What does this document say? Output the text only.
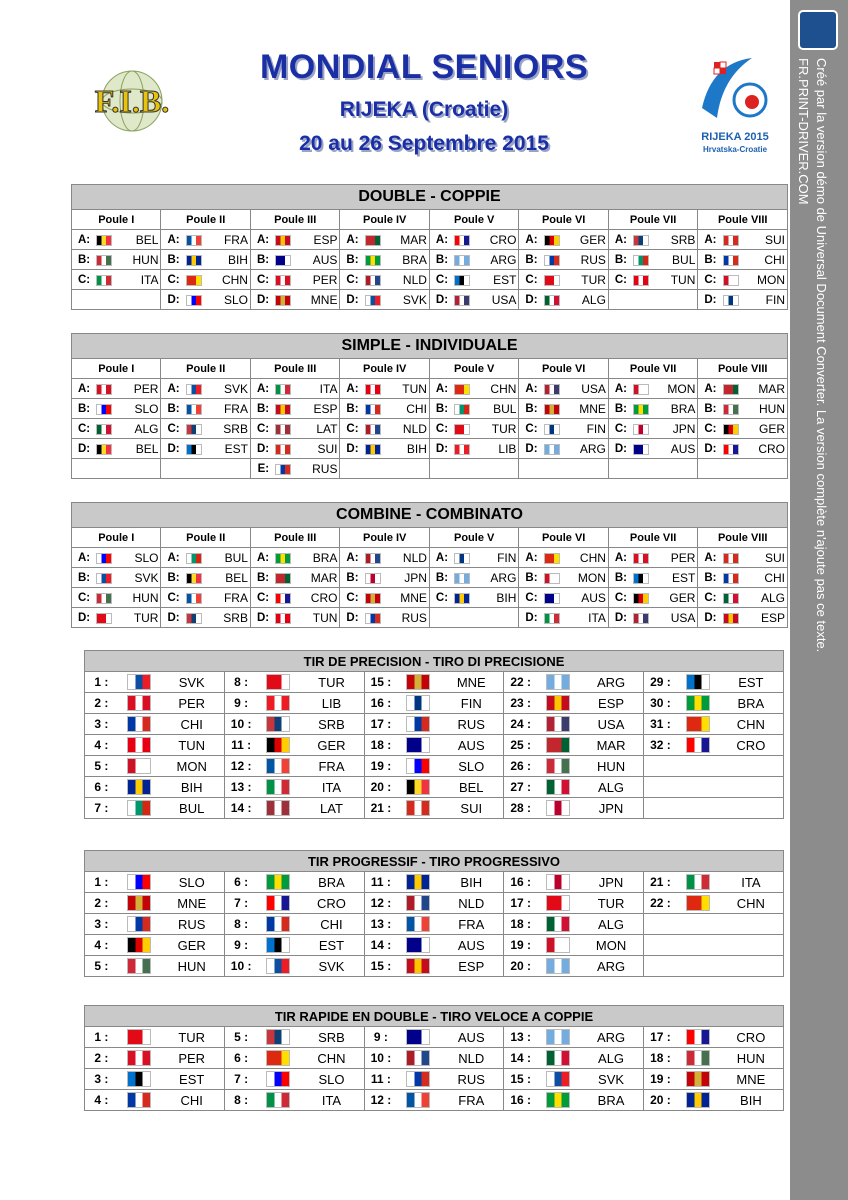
F.I.B.
MONDIAL SENIORS
RIJEKA (Croatie)
20 au 26 Septembre 2015	RIJEKA 2015
Hrvatska-Croatie	Créé par la version démo de Universal Document Converter. La version complète n'ajoute pas ce texte.
FR.PRINT-DRIVER.COM
DOUBLE - COPPIE																							
Poule I			Poule II			Poule III			Poule IV			Poule V			Poule VI			Poule VII			Poule VIII		
A:		BEL	A:		FRA	A:		ESP	A:		MAR	A:		CRO	A:		GER	A:		SRB	A:		SUI
B:		HUN	B:		BIH	B:		AUS	B:		BRA	B:		ARG	B:		RUS	B:		BUL	B:		CHI
C:		ITA	C:		CHN	C:		PER	C:		NLD	C:		EST	C:		TUR	C:		TUN	C:		MON
			D:		SLO	D:		MNE	D:		SVK	D:		USA	D:		ALG				D:		FIN
SIMPLE - INDIVIDUALE																							
Poule I			Poule II			Poule III			Poule IV			Poule V			Poule VI			Poule VII			Poule VIII		
A:		PER	A:		SVK	A:		ITA	A:		TUN	A:		CHN	A:		USA	A:		MON	A:		MAR
B:		SLO	B:		FRA	B:		ESP	B:		CHI	B:		BUL	B:		MNE	B:		BRA	B:		HUN
C:		ALG	C:		SRB	C:		LAT	C:		NLD	C:		TUR	C:		FIN	C:		JPN	C:		GER
D:		BEL	D:		EST	D:		SUI	D:		BIH	D:		LIB	D:		ARG	D:		AUS	D:		CRO
						E:		RUS															
COMBINE - COMBINATO																							
Poule I			Poule II			Poule III			Poule IV			Poule V			Poule VI			Poule VII			Poule VIII		
A:		SLO	A:		BUL	A:		BRA	A:		NLD	A:		FIN	A:		CHN	A:		PER	A:		SUI
B:		SVK	B:		BEL	B:		MAR	B:		JPN	B:		ARG	B:		MON	B:		EST	B:		CHI
C:		HUN	C:		FRA	C:		CRO	C:		MNE	C:		BIH	C:		AUS	C:		GER	C:		ALG
D:		TUR	D:		SRB	D:		TUN	D:		RUS				D:		ITA	D:		USA	D:		ESP
TIR DE PRECISION - TIRO DI PRECISIONE														
1 :		SVK	8 :		TUR	15 :		MNE	22 :		ARG	29 :		EST
2 :		PER	9 :		LIB	16 :		FIN	23 :		ESP	30 :		BRA
3 :		CHI	10 :		SRB	17 :		RUS	24 :		USA	31 :		CHN
4 :		TUN	11 :		GER	18 :		AUS	25 :		MAR	32 :		CRO
5 :		MON	12 :		FRA	19 :		SLO	26 :		HUN			
6 :		BIH	13 :		ITA	20 :		BEL	27 :		ALG			
7 :		BUL	14 :		LAT	21 :		SUI	28 :		JPN			
TIR PROGRESSIF - TIRO PROGRESSIVO														
1 :		SLO	6 :		BRA	11 :		BIH	16 :		JPN	21 :		ITA
2 :		MNE	7 :		CRO	12 :		NLD	17 :		TUR	22 :		CHN
3 :		RUS	8 :		CHI	13 :		FRA	18 :		ALG			
4 :		GER	9 :		EST	14 :		AUS	19 :		MON			
5 :		HUN	10 :		SVK	15 :		ESP	20 :		ARG			
TIR RAPIDE EN DOUBLE - TIRO VELOCE A COPPIE														
1 :		TUR	5 :		SRB	9 :		AUS	13 :		ARG	17 :		CRO
2 :		PER	6 :		CHN	10 :		NLD	14 :		ALG	18 :		HUN
3 :		EST	7 :		SLO	11 :		RUS	15 :		SVK	19 :		MNE
4 :		CHI	8 :		ITA	12 :		FRA	16 :		BRA	20 :		BIH
